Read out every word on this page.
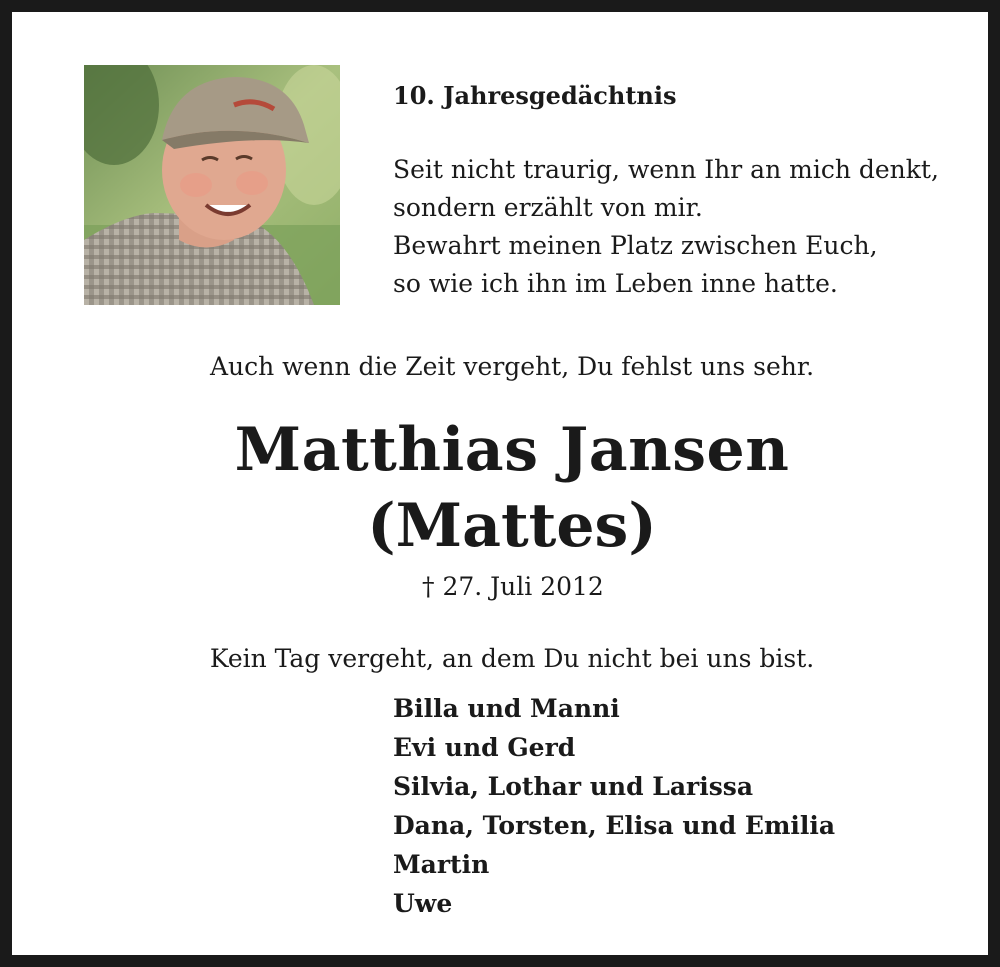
10. Jahresgedächtnis
Seit nicht traurig, wenn Ihr an mich denkt,
sondern erzählt von mir.
Bewahrt meinen Platz zwischen Euch,
so wie ich ihn im Leben inne hatte.
Auch wenn die Zeit vergeht, Du fehlst uns sehr.
Matthias Jansen
(Mattes)
† 27. Juli 2012
Kein Tag vergeht, an dem Du nicht bei uns bist.
Billa und Manni
Evi und Gerd
Silvia, Lothar und Larissa
Dana, Torsten, Elisa und Emilia
Martin
Uwe
